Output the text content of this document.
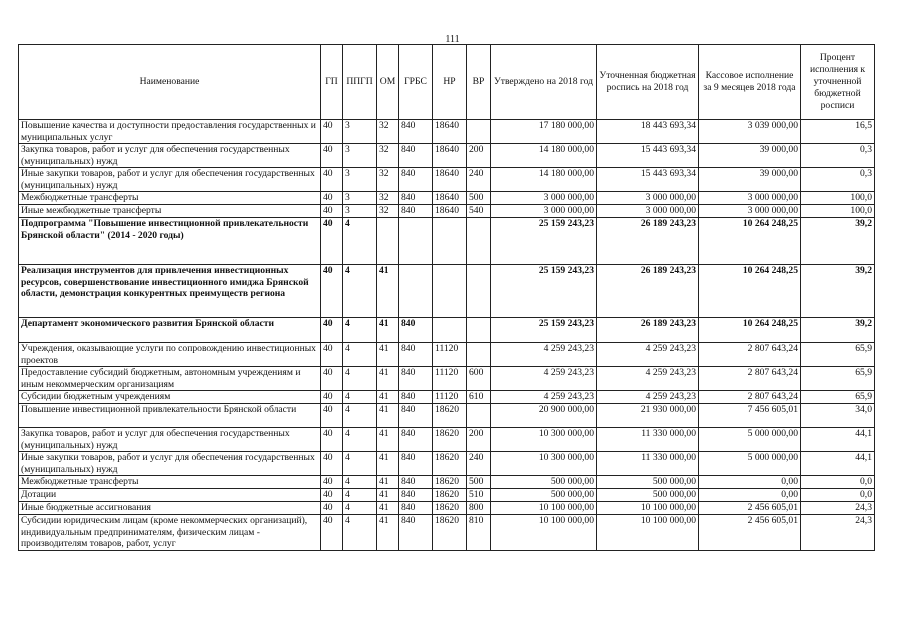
111
Наименование	ГП	ППГП	ОМ	ГРБС	НР	ВР	Утверждено на 2018 год	Уточненная бюджетная роспись на 2018 год	Кассовое исполнение за 9 месяцев 2018 года	Процент исполнения к уточненной бюджетной росписи
Повышение качества и доступности предоставления государственных и муниципальных услуг	40	3	32	840	18640		17 180 000,00	18 443 693,34	3 039 000,00	16,5
Закупка товаров, работ и услуг для обеспечения государственных (муниципальных) нужд	40	3	32	840	18640	200	14 180 000,00	15 443 693,34	39 000,00	0,3
Иные закупки товаров, работ и услуг для обеспечения государственных (муниципальных) нужд	40	3	32	840	18640	240	14 180 000,00	15 443 693,34	39 000,00	0,3
Межбюджетные трансферты	40	3	32	840	18640	500	3 000 000,00	3 000 000,00	3 000 000,00	100,0
Иные межбюджетные трансферты	40	3	32	840	18640	540	3 000 000,00	3 000 000,00	3 000 000,00	100,0
Подпрограмма "Повышение инвестиционной привлекательности Брянской области" (2014 - 2020 годы)	40	4					25 159 243,23	26 189 243,23	10 264 248,25	39,2
Реализация инструментов для привлечения инвестиционных ресурсов, совершенствование инвестиционного имиджа Брянской области, демонстрация конкурентных преимуществ региона	40	4	41				25 159 243,23	26 189 243,23	10 264 248,25	39,2
Департамент экономического развития Брянской области	40	4	41	840			25 159 243,23	26 189 243,23	10 264 248,25	39,2
Учреждения, оказывающие услуги по сопровождению инвестиционных проектов	40	4	41	840	11120		4 259 243,23	4 259 243,23	2 807 643,24	65,9
Предоставление субсидий бюджетным, автономным учреждениям и иным некоммерческим организациям	40	4	41	840	11120	600	4 259 243,23	4 259 243,23	2 807 643,24	65,9
Субсидии бюджетным учреждениям	40	4	41	840	11120	610	4 259 243,23	4 259 243,23	2 807 643,24	65,9
Повышение инвестиционной привлекательности Брянской области	40	4	41	840	18620		20 900 000,00	21 930 000,00	7 456 605,01	34,0
Закупка товаров, работ и услуг для обеспечения государственных (муниципальных) нужд	40	4	41	840	18620	200	10 300 000,00	11 330 000,00	5 000 000,00	44,1
Иные закупки товаров, работ и услуг для обеспечения государственных (муниципальных) нужд	40	4	41	840	18620	240	10 300 000,00	11 330 000,00	5 000 000,00	44,1
Межбюджетные трансферты	40	4	41	840	18620	500	500 000,00	500 000,00	0,00	0,0
Дотации	40	4	41	840	18620	510	500 000,00	500 000,00	0,00	0,0
Иные бюджетные ассигнования	40	4	41	840	18620	800	10 100 000,00	10 100 000,00	2 456 605,01	24,3
Субсидии юридическим лицам (кроме некоммерческих организаций), индивидуальным предпринимателям, физическим лицам - производителям товаров, работ, услуг	40	4	41	840	18620	810	10 100 000,00	10 100 000,00	2 456 605,01	24,3
